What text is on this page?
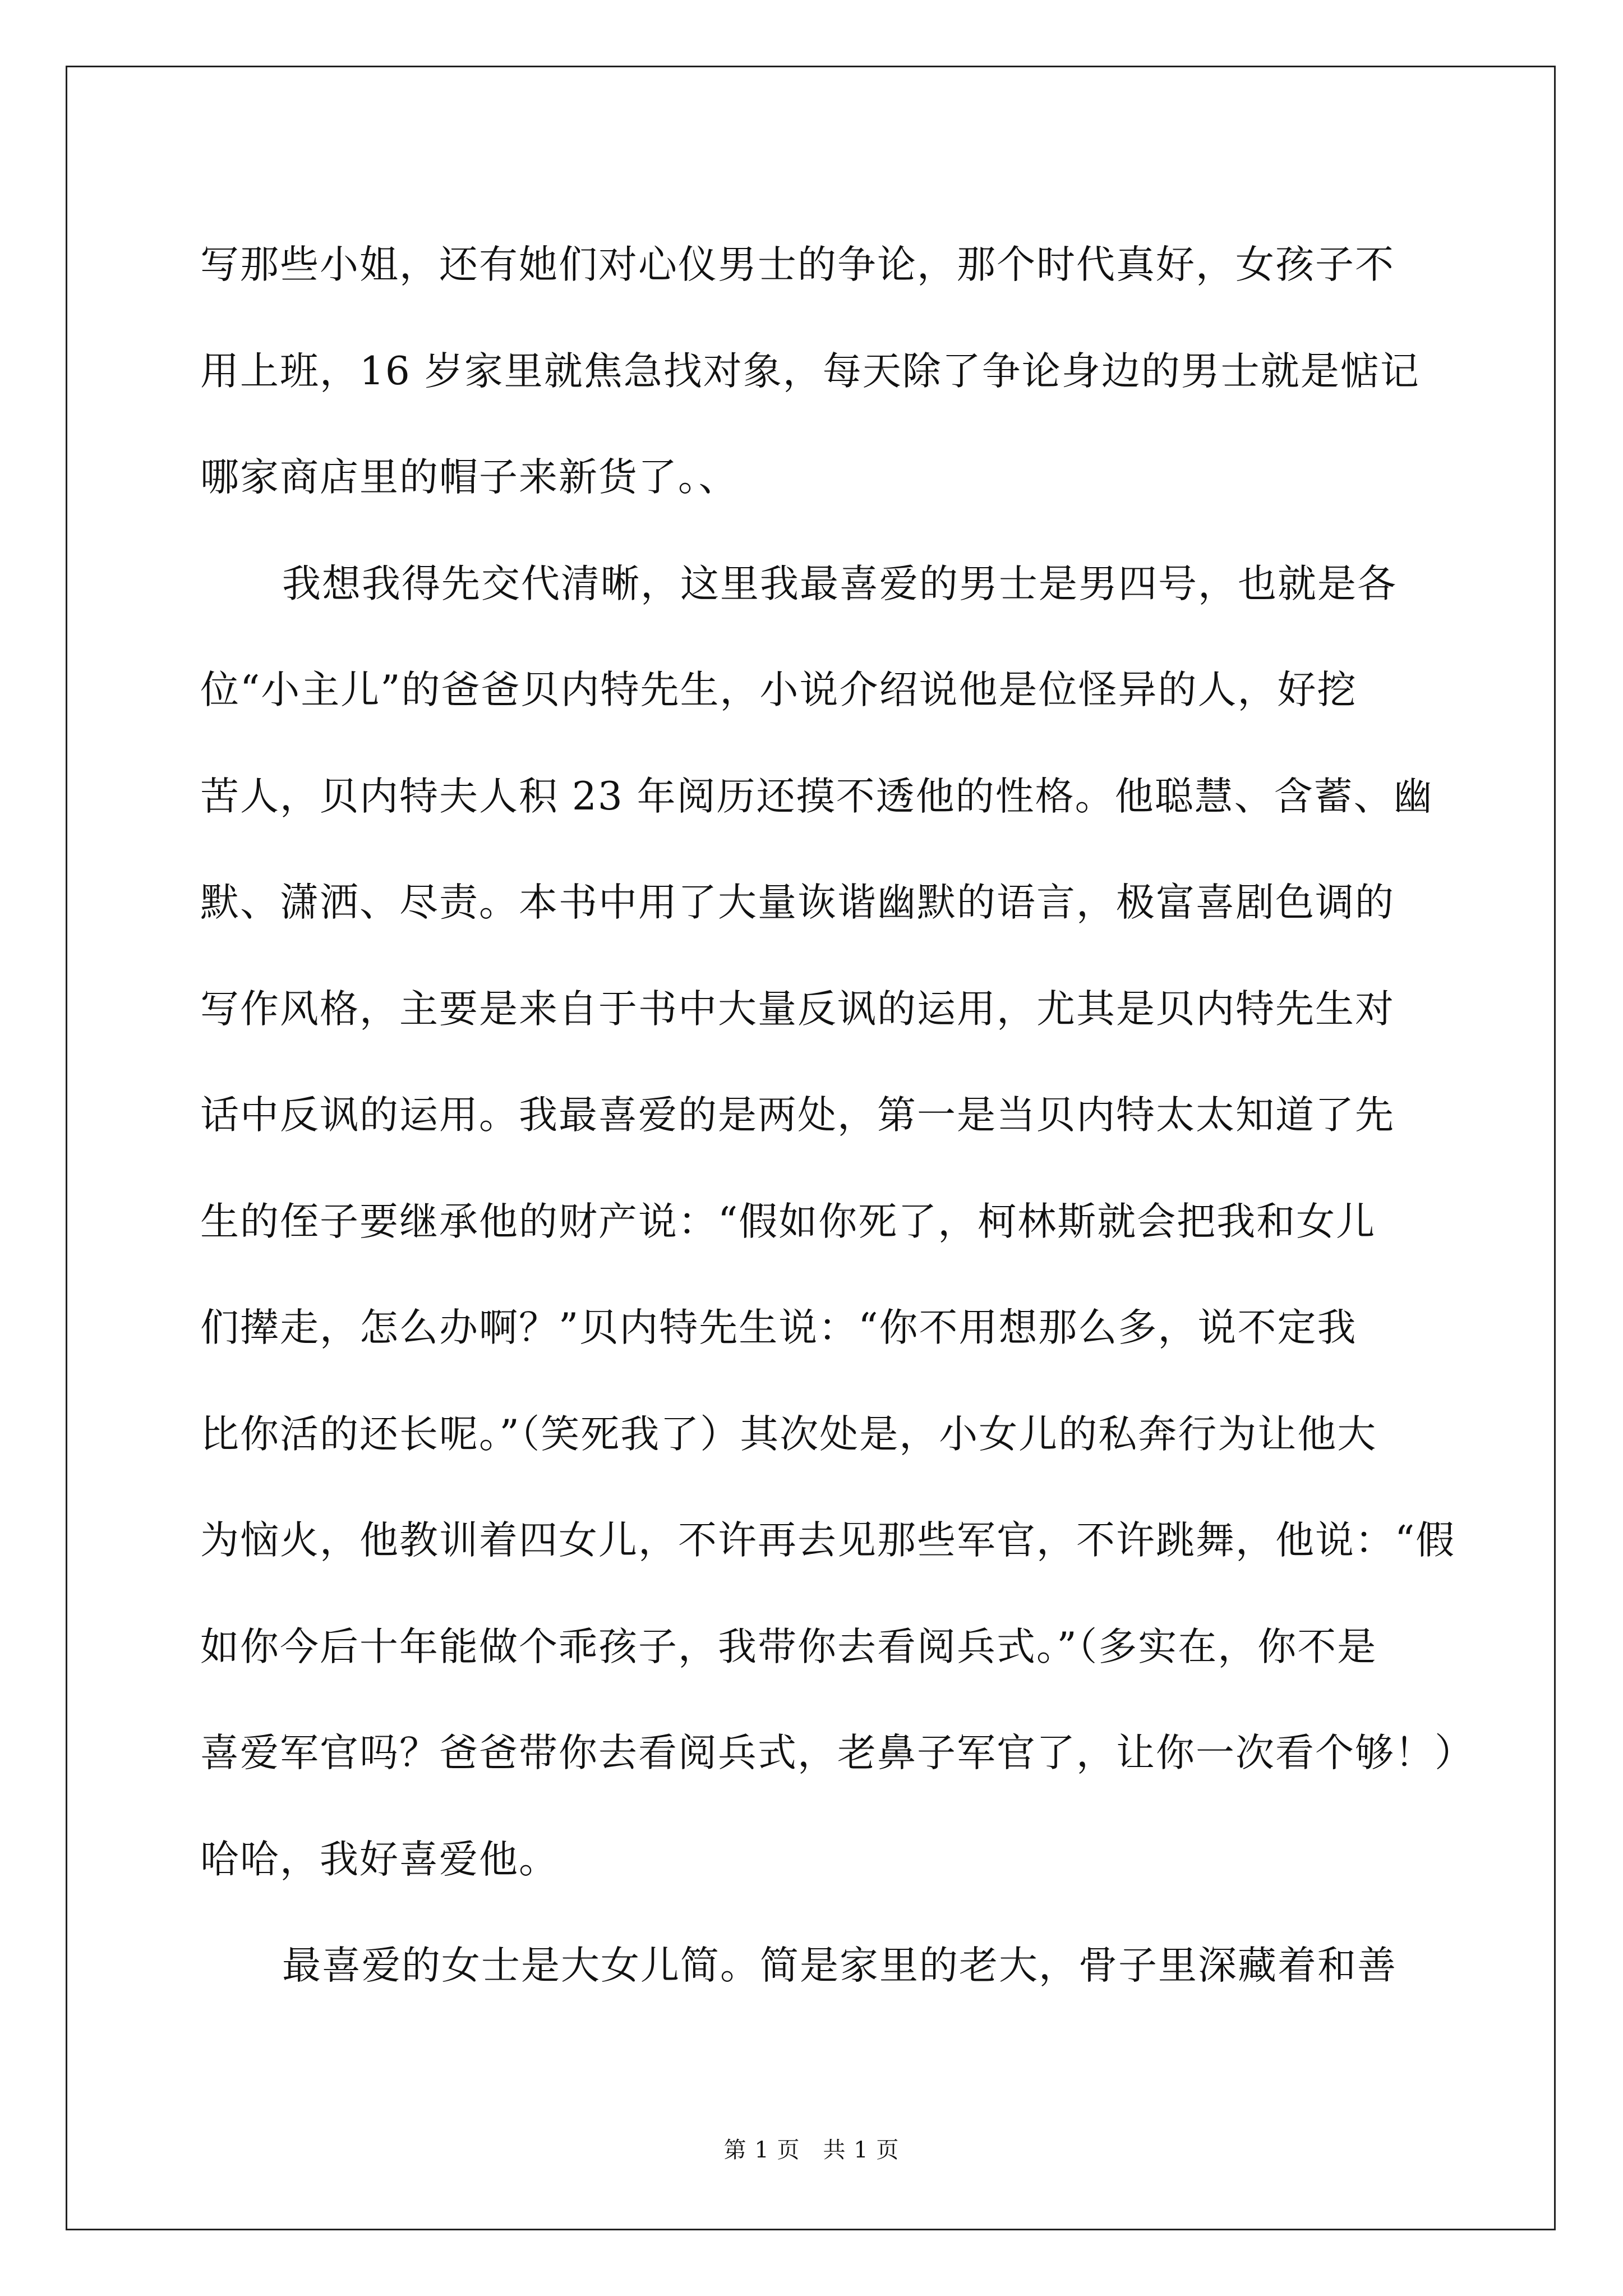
写那些小姐，还有她们对心仪男士的争论，那个时代真好，女孩子不
用上班，16 岁家里就焦急找对象，每天除了争论身边的男士就是惦记
哪家商店里的帽子来新货了。、
我想我得先交代清晰，这里我最喜爱的男士是男四号，也就是各
位“小主儿”的爸爸贝内特先生，小说介绍说他是位怪异的人，好挖
苦人，贝内特夫人积 23 年阅历还摸不透他的性格。他聪慧、含蓄、幽
默、潇洒、尽责。本书中用了大量诙谐幽默的语言，极富喜剧色调的
写作风格，主要是来自于书中大量反讽的运用，尤其是贝内特先生对
话中反讽的运用。我最喜爱的是两处，第一是当贝内特太太知道了先
生的侄子要继承他的财产说：“假如你死了，柯林斯就会把我和女儿
们撵走，怎么办啊？”贝内特先生说：“你不用想那么多，说不定我
比你活的还长呢。”（笑死我了）其次处是，小女儿的私奔行为让他大
为恼火，他教训着四女儿，不许再去见那些军官，不许跳舞，他说：“假
如你今后十年能做个乖孩子，我带你去看阅兵式。”（多实在，你不是
喜爱军官吗？爸爸带你去看阅兵式，老鼻子军官了，让你一次看个够！）
哈哈，我好喜爱他。
最喜爱的女士是大女儿简。简是家里的老大，骨子里深藏着和善
第 1 页　共 1 页
